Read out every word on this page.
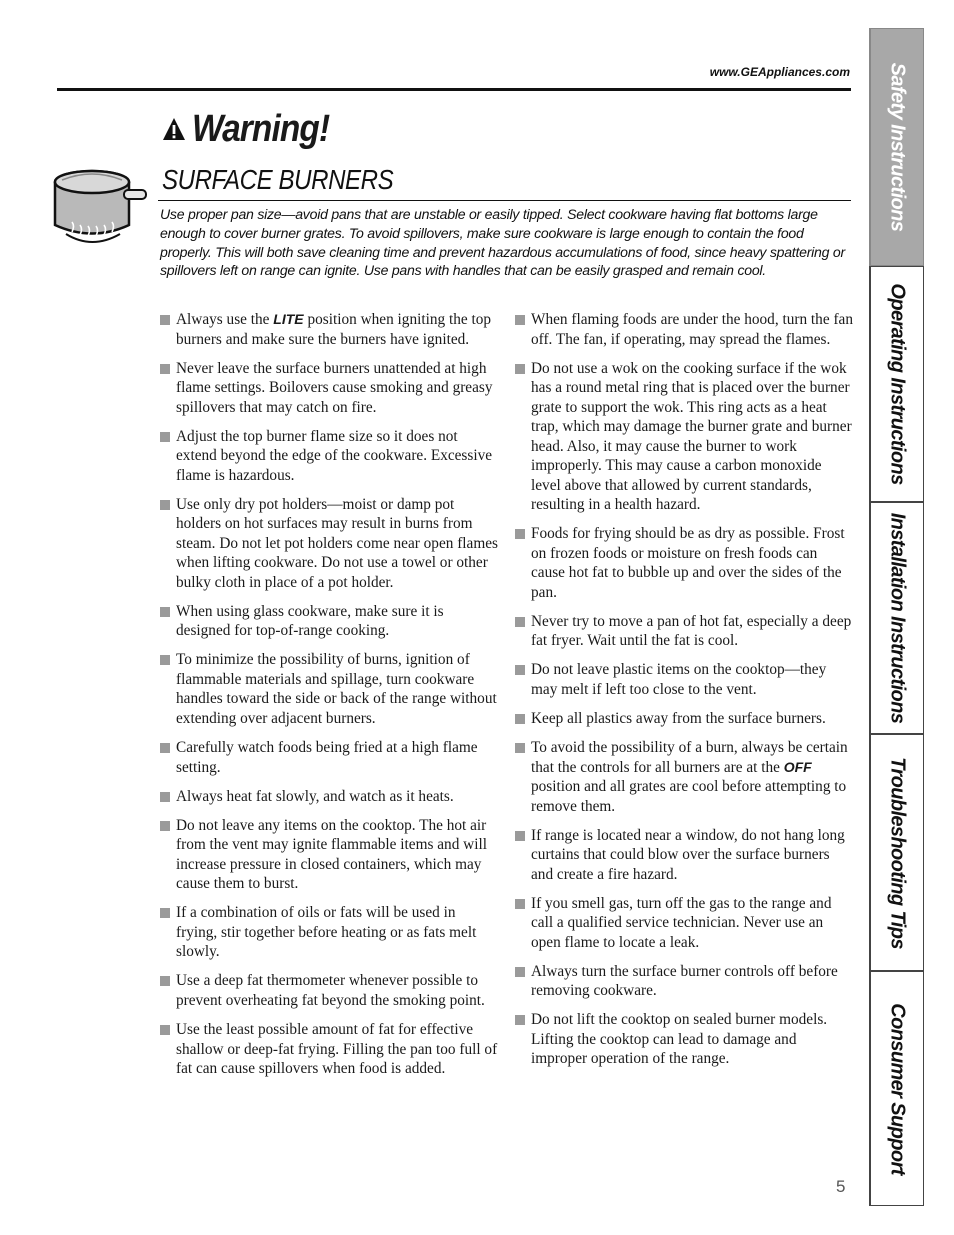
www.GEAppliances.com
Warning!
SURFACE BURNERS
Use proper pan size—avoid pans that are unstable or easily tipped. Select cookware having flat bottoms large enough to cover burner grates. To avoid spillovers, make sure cookware is large enough to contain the food properly. This will both save cleaning time and prevent hazardous accumulations of food, since heavy spattering or spillovers left on range can ignite. Use pans with handles that can be easily grasped and remain cool.
Always use the LITE position when igniting the top burners and make sure the burners have ignited.
Never leave the surface burners unattended at high flame settings. Boilovers cause smoking and greasy spillovers that may catch on fire.
Adjust the top burner flame size so it does not extend beyond the edge of the cookware. Excessive flame is hazardous.
Use only dry pot holders—moist or damp pot holders on hot surfaces may result in burns from steam. Do not let pot holders come near open flames when lifting cookware. Do not use a towel or other bulky cloth in place of a pot holder.
When using glass cookware, make sure it is designed for top-of-range cooking.
To minimize the possibility of burns, ignition of flammable materials and spillage, turn cookware handles toward the side or back of the range without extending over adjacent burners.
Carefully watch foods being fried at a high flame setting.
Always heat fat slowly, and watch as it heats.
Do not leave any items on the cooktop. The hot air from the vent may ignite flammable items and will increase pressure in closed containers, which may cause them to burst.
If a combination of oils or fats will be used in frying, stir together before heating or as fats melt slowly.
Use a deep fat thermometer whenever possible to prevent overheating fat beyond the smoking point.
Use the least possible amount of fat for effective shallow or deep-fat frying. Filling the pan too full of fat can cause spillovers when food is added.
When flaming foods are under the hood, turn the fan off. The fan, if operating, may spread the flames.
Do not use a wok on the cooking surface if the wok has a round metal ring that is placed over the burner grate to support the wok. This ring acts as a heat trap, which may damage the burner grate and burner head. Also, it may cause the burner to work improperly. This may cause a carbon monoxide level above that allowed by current standards, resulting in a health hazard.
Foods for frying should be as dry as possible. Frost on frozen foods or moisture on fresh foods can cause hot fat to bubble up and over the sides of the pan.
Never try to move a pan of hot fat, especially a deep fat fryer. Wait until the fat is cool.
Do not leave plastic items on the cooktop—they may melt if left too close to the vent.
Keep all plastics away from the surface burners.
To avoid the possibility of a burn, always be certain that the controls for all burners are at the OFF position and all grates are cool before attempting to remove them.
If range is located near a window, do not hang long curtains that could blow over the surface burners and create a fire hazard.
If you smell gas, turn off the gas to the range and call a qualified service technician. Never use an open flame to locate a leak.
Always turn the surface burner controls off before removing cookware.
Do not lift the cooktop on sealed burner models. Lifting the cooktop can lead to damage and improper operation of the range.
5
Safety Instructions
Operating Instructions
Installation Instructions
Troubleshooting Tips
Consumer Support
